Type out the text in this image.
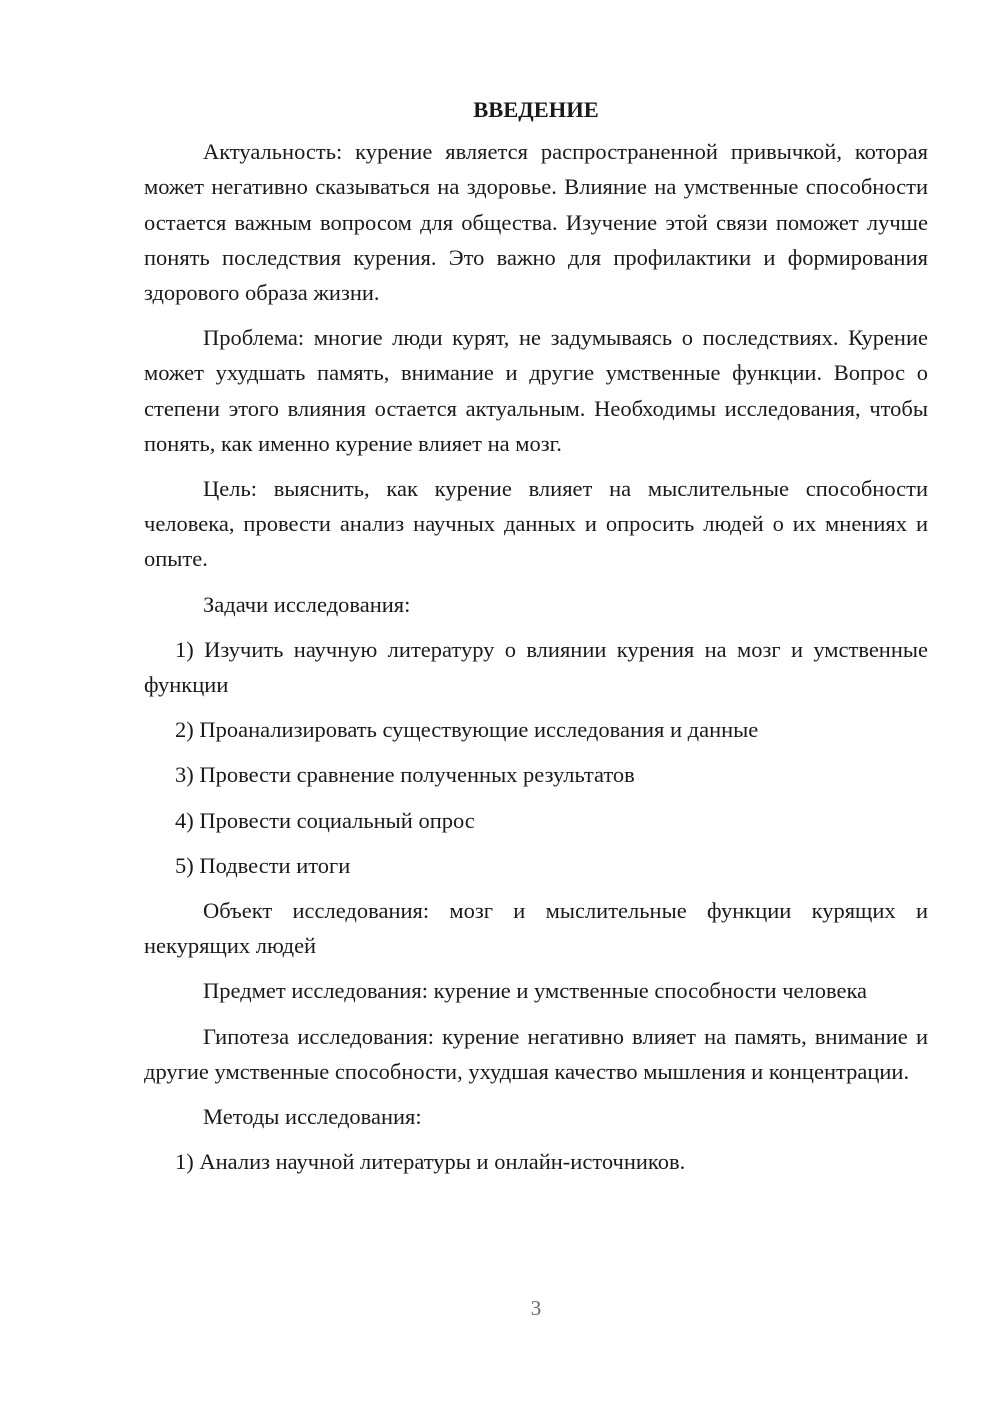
ВВЕДЕНИЕ

Актуальность: курение является распространенной привычкой, которая может негативно сказываться на здоровье. Влияние на умственные способности остается важным вопросом для общества. Изучение этой связи поможет лучше понять последствия курения. Это важно для профилактики и формирования здорового образа жизни.

Проблема: многие люди курят, не задумываясь о последствиях. Курение может ухудшать память, внимание и другие умственные функции. Вопрос о степени этого влияния остается актуальным. Необходимы исследования, чтобы понять, как именно курение влияет на мозг.

Цель: выяснить, как курение влияет на мыслительные способности человека, провести анализ научных данных и опросить людей о их мнениях и опыте.

Задачи исследования:

1) Изучить научную литературу о влиянии курения на мозг и умственные функции

2) Проанализировать существующие исследования и данные

3) Провести сравнение полученных результатов

4) Провести социальный опрос

5) Подвести итоги

Объект исследования: мозг и мыслительные функции курящих и некурящих людей

Предмет исследования: курение и умственные способности человека

Гипотеза исследования: курение негативно влияет на память, внимание и другие умственные способности, ухудшая качество мышления и концентрации.

Методы исследования:

1) Анализ научной литературы и онлайн-источников.

3
